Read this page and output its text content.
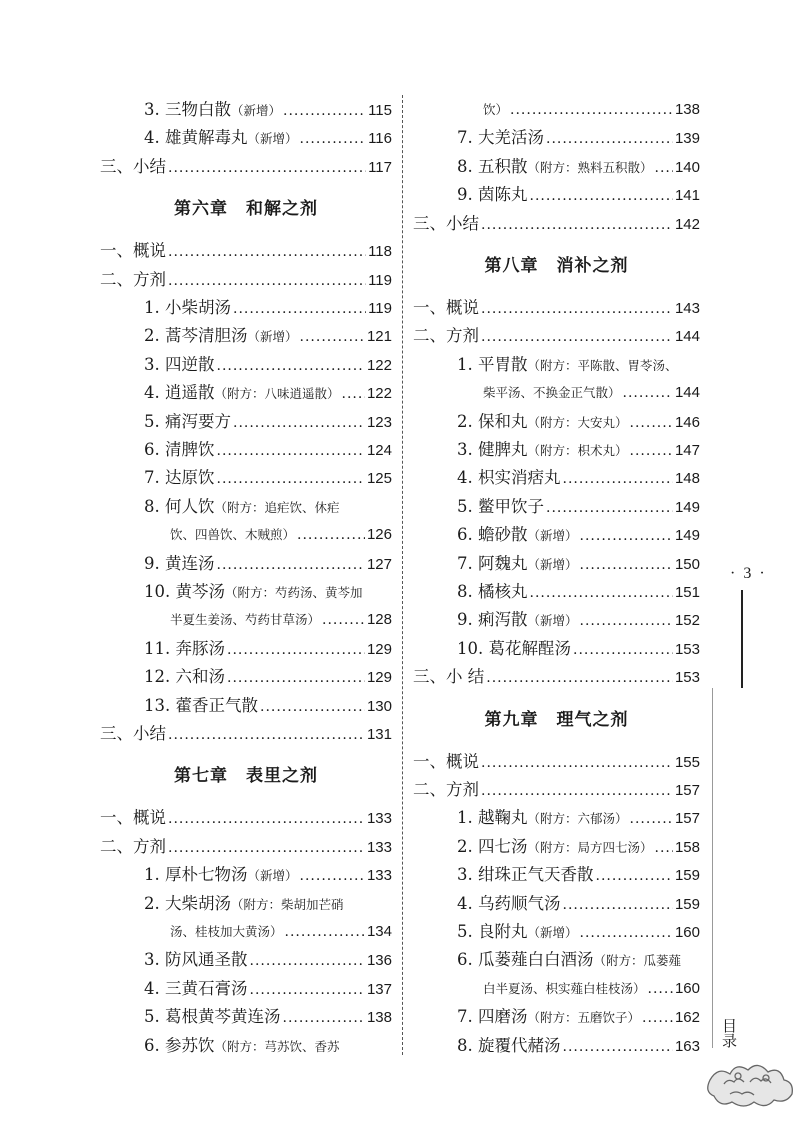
3. 三物白散 （新增） .....	115
4. 雄黄解毒丸 （新增） .....	116
三、小结 .....	117
第六章　和解之剂
一、概说 .....	118
二、方剂 .....	119
1. 小柴胡汤 .....	119
2. 蒿芩清胆汤 （新增） .....	121
3. 四逆散 .....	122
4. 逍遥散 （附方：八味逍遥散） ..... 122
5. 痛泻要方 .....	123
6. 清脾饮 .....	124
7. 达原饮 .....	125
8. 何人饮 （附方：追疟饮、休疟
饮、四兽饮、木贼煎） .....	126
9. 黄连汤 .....	127
10. 黄芩汤 （附方：芍药汤、黄芩加
半夏生姜汤、芍药甘草汤） .....	128
11. 奔豚汤 .....	129
12. 六和汤 .....	129
13. 藿香正气散 .....	130
三、小结 .....	131
第七章　表里之剂
一、概说 .....	133
二、方剂 .....	133
1. 厚朴七物汤 （新增） .....	133
2. 大柴胡汤 （附方：柴胡加芒硝
汤、桂枝加大黄汤） .....	134
3. 防风通圣散 .....	136
4. 三黄石膏汤 .....	137
5. 葛根黄芩黄连汤 .....	138
6. 参苏饮 （附方：芎苏饮、香苏
饮） .....	138
7. 大羌活汤 .....	139
8. 五积散 （附方：熟料五积散） ..... 140
9. 茵陈丸 .....	141
三、小结 .....	142
第八章　消补之剂
一、概说 .....	143
二、方剂 .....	144
1. 平胃散 （附方：平陈散、胃苓汤、
柴平汤、不换金正气散） .....	144
2. 保和丸 （附方：大安丸） .....	146
3. 健脾丸 （附方：枳术丸） .....	147
4. 枳实消痞丸 .....	148
5. 鳖甲饮子 .....	149
6. 蟾砂散 （新增） .....	149
7. 阿魏丸 （新增） .....	150
8. 橘核丸 .....	151
9. 痢泻散 （新增） .....	152
10. 葛花解酲汤 .....	153
三、小 结 .....	153
第九章　理气之剂
一、概说 .....	155
二、方剂 .....	157
1. 越鞠丸 （附方：六郁汤） .....	157
2. 四七汤 （附方：局方四七汤） ..... 158
3. 绀珠正气天香散 .....	159
4. 乌药顺气汤 .....	159
5. 良附丸 （新增） .....	160
6. 瓜蒌薤白白酒汤 （附方：瓜蒌薤
白半夏汤、枳实薤白桂枝汤） ..... 160
7. 四磨汤 （附方：五磨饮子） ..... 162
8. 旋覆代赭汤 .....	163
· 3 ·
目录
